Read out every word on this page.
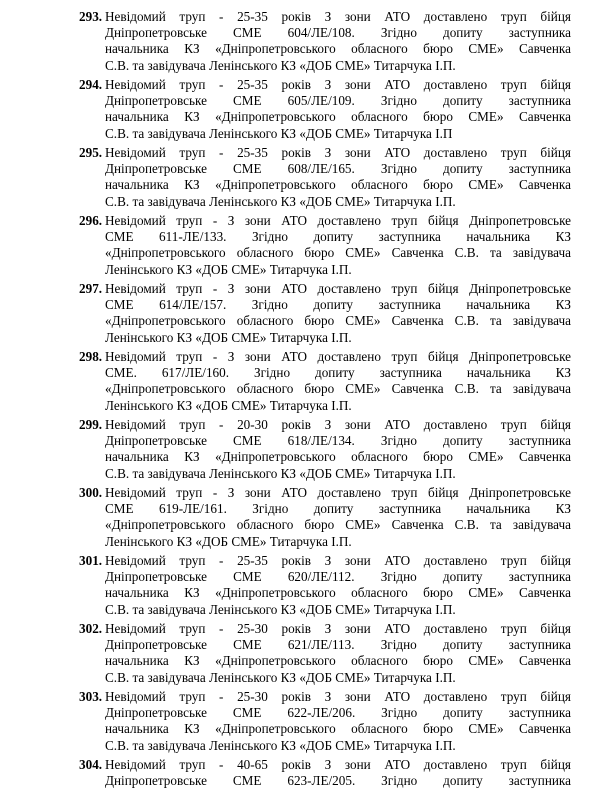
293. Невідомий труп - 25-35 років З зони АТО доставлено труп бійця
Дніпропетровське СМЕ 604/ЛЕ/108. Згідно допиту заступника
начальника КЗ «Дніпропетровського обласного бюро СМЕ» Савченка
С.В. та завідувача Ленінського КЗ «ДОБ СМЕ» Титарчука І.П.
294. Невідомий труп - 25-35 років З зони АТО доставлено труп бійця
Дніпропетровське СМЕ 605/ЛЕ/109. Згідно допиту заступника
начальника КЗ «Дніпропетровського обласного бюро СМЕ» Савченка
С.В. та завідувача Ленінського КЗ «ДОБ СМЕ» Титарчука І.П
295. Невідомий труп - 25-35 років З зони АТО доставлено труп бійця
Дніпропетровське СМЕ 608/ЛЕ/165. Згідно допиту заступника
начальника КЗ «Дніпропетровського обласного бюро СМЕ» Савченка
С.В. та завідувача Ленінського КЗ «ДОБ СМЕ» Титарчука І.П.
296. Невідомий труп - З зони АТО доставлено труп бійця Дніпропетровське
СМЕ 611-ЛЕ/133. Згідно допиту заступника начальника КЗ
«Дніпропетровського обласного бюро СМЕ» Савченка С.В. та завідувача
Ленінського КЗ «ДОБ СМЕ» Титарчука І.П.
297. Невідомий труп - З зони АТО доставлено труп бійця Дніпропетровське
СМЕ 614/ЛЕ/157. Згідно допиту заступника начальника КЗ
«Дніпропетровського обласного бюро СМЕ» Савченка С.В. та завідувача
Ленінського КЗ «ДОБ СМЕ» Титарчука І.П.
298. Невідомий труп - З зони АТО доставлено труп бійця Дніпропетровське
СМЕ. 617/ЛЕ/160. Згідно допиту заступника начальника КЗ
«Дніпропетровського обласного бюро СМЕ» Савченка С.В. та завідувача
Ленінського КЗ «ДОБ СМЕ» Титарчука І.П.
299. Невідомий труп - 20-30 років З зони АТО доставлено труп бійця
Дніпропетровське СМЕ 618/ЛЕ/134. Згідно допиту заступника
начальника КЗ «Дніпропетровського обласного бюро СМЕ» Савченка
С.В. та завідувача Ленінського КЗ «ДОБ СМЕ» Титарчука І.П.
300. Невідомий труп - З зони АТО доставлено труп бійця Дніпропетровське
СМЕ 619-ЛЕ/161. Згідно допиту заступника начальника КЗ
«Дніпропетровського обласного бюро СМЕ» Савченка С.В. та завідувача
Ленінського КЗ «ДОБ СМЕ» Титарчука І.П.
301. Невідомий труп - 25-35 років З зони АТО доставлено труп бійця
Дніпропетровське СМЕ 620/ЛЕ/112. Згідно допиту заступника
начальника КЗ «Дніпропетровського обласного бюро СМЕ» Савченка
С.В. та завідувача Ленінського КЗ «ДОБ СМЕ» Титарчука І.П.
302. Невідомий труп - 25-30 років З зони АТО доставлено труп бійця
Дніпропетровське СМЕ 621/ЛЕ/113. Згідно допиту заступника
начальника КЗ «Дніпропетровського обласного бюро СМЕ» Савченка
С.В. та завідувача Ленінського КЗ «ДОБ СМЕ» Титарчука І.П.
303. Невідомий труп - 25-30 років З зони АТО доставлено труп бійця
Дніпропетровське СМЕ 622-ЛЕ/206. Згідно допиту заступника
начальника КЗ «Дніпропетровського обласного бюро СМЕ» Савченка
С.В. та завідувача Ленінського КЗ «ДОБ СМЕ» Титарчука І.П.
304. Невідомий труп - 40-65 років З зони АТО доставлено труп бійця
Дніпропетровське СМЕ 623-ЛЕ/205. Згідно допиту заступника
